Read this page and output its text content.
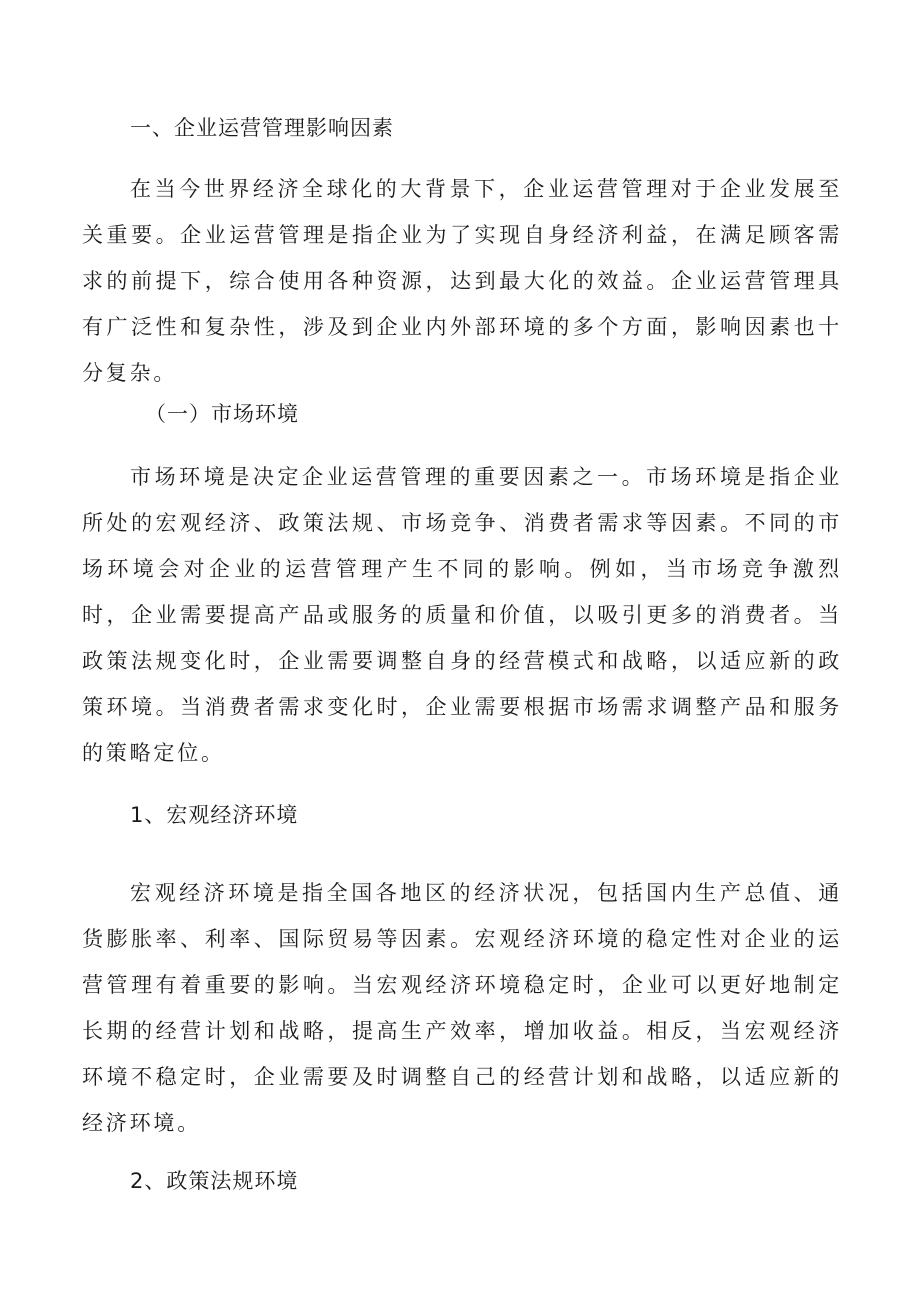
一、企业运营管理影响因素

在当今世界经济全球化的大背景下，企业运营管理对于企业发展至关重要。企业运营管理是指企业为了实现自身经济利益，在满足顾客需求的前提下，综合使用各种资源，达到最大化的效益。企业运营管理具有广泛性和复杂性，涉及到企业内外部环境的多个方面，影响因素也十分复杂。

（一）市场环境

市场环境是决定企业运营管理的重要因素之一。市场环境是指企业所处的宏观经济、政策法规、市场竞争、消费者需求等因素。不同的市场环境会对企业的运营管理产生不同的影响。例如，当市场竞争激烈时，企业需要提高产品或服务的质量和价值，以吸引更多的消费者。当政策法规变化时，企业需要调整自身的经营模式和战略，以适应新的政策环境。当消费者需求变化时，企业需要根据市场需求调整产品和服务的策略定位。

1、宏观经济环境

宏观经济环境是指全国各地区的经济状况，包括国内生产总值、通货膨胀率、利率、国际贸易等因素。宏观经济环境的稳定性对企业的运营管理有着重要的影响。当宏观经济环境稳定时，企业可以更好地制定长期的经营计划和战略，提高生产效率，增加收益。相反，当宏观经济环境不稳定时，企业需要及时调整自己的经营计划和战略，以适应新的经济环境。

2、政策法规环境
